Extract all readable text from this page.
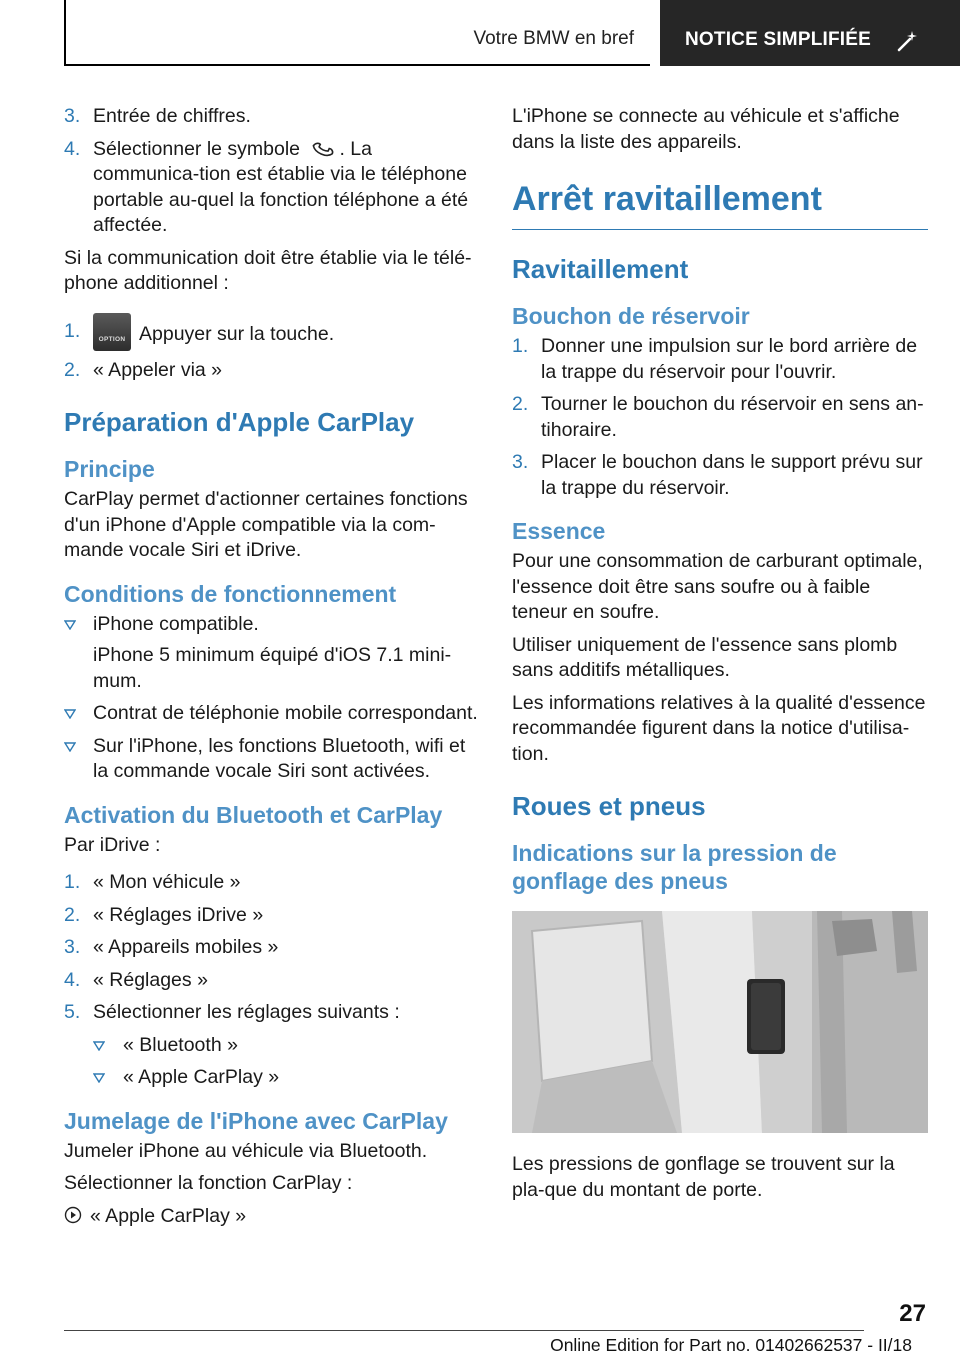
Votre BMW en bref	NOTICE SIMPLIFIÉE
3. Entrée de chiffres.
4. Sélectionner le symbole . La communica-tion est établie via le téléphone portable au-quel la fonction téléphone a été affectée.

Si la communication doit être établie via le télé-phone additionnel :

1.	OPTION Appuyer sur la touche.
2. « Appeler via »
Préparation d'Apple CarPlay
Principe

CarPlay permet d'actionner certaines fonctions d'un iPhone d'Apple compatible via la com-mande vocale Siri et iDrive.

Conditions de fonctionnement
iPhone compatible.
iPhone 5 minimum équipé d'iOS 7.1 mini-mum.
Contrat de téléphonie mobile correspondant.
Sur l'iPhone, les fonctions Bluetooth, wifi et la commande vocale Siri sont activées.
Activation du Bluetooth et CarPlay

Par iDrive :

1. « Mon véhicule »
2. « Réglages iDrive »
3. « Appareils mobiles »
4. « Réglages »
5. Sélectionner les réglages suivants :
« Bluetooth »
« Apple CarPlay »
Jumelage de l'iPhone avec CarPlay

Jumeler iPhone au véhicule via Bluetooth.

Sélectionner la fonction CarPlay :

« Apple CarPlay »

L'iPhone se connecte au véhicule et s'affiche dans la liste des appareils.

Arrêt ravitaillement
Ravitaillement
Bouchon de réservoir
1. Donner une impulsion sur le bord arrière de la trappe du réservoir pour l'ouvrir.
2. Tourner le bouchon du réservoir en sens an-tihoraire.
3. Placer le bouchon dans le support prévu sur la trappe du réservoir.
Essence

Pour une consommation de carburant optimale, l'essence doit être sans soufre ou à faible teneur en soufre.

Utiliser uniquement de l'essence sans plomb sans additifs métalliques.

Les informations relatives à la qualité d'essence recommandée figurent dans la notice d'utilisa-tion.

Roues et pneus
Indications sur la pression de gonflage des pneus

Les pressions de gonflage se trouvent sur la pla-que du montant de porte.

27
Online Edition for Part no. 01402662537 - II/18
